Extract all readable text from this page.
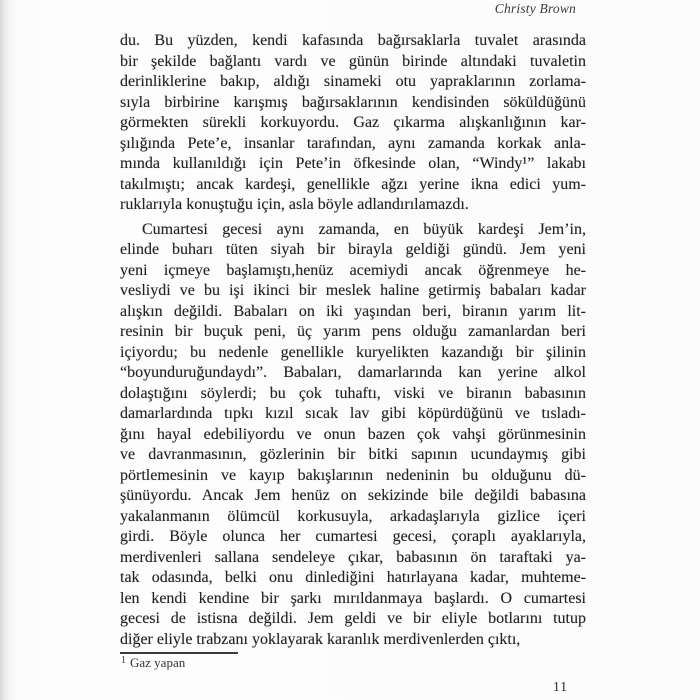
Christy Brown
du. Bu yüzden, kendi kafasında bağırsaklarla tuvalet arasında
bir şekilde bağlantı vardı ve günün birinde altındaki tuvaletin
derinliklerine bakıp, aldığı sinameki otu yapraklarının zorlama-
sıyla birbirine karışmış bağırsaklarının kendisinden söküldüğünü
görmekten sürekli korkuyordu. Gaz çıkarma alışkanlığının kar-
şılığında Pete’e, insanlar tarafından, aynı zamanda korkak anla-
mında kullanıldığı için Pete’in öfkesinde olan, “Windy¹” lakabı
takılmıştı; ancak kardeşi, genellikle ağzı yerine ikna edici yum-
ruklarıyla konuştuğu için, asla böyle adlandırılamazdı.
Cumartesi gecesi aynı zamanda, en büyük kardeşi Jem’in,
elinde buharı tüten siyah bir birayla geldiği gündü. Jem yeni
yeni içmeye başlamıştı,henüz acemiydi ancak öğrenmeye he-
vesliydi ve bu işi ikinci bir meslek haline getirmiş babaları kadar
alışkın değildi. Babaları on iki yaşından beri, biranın yarım lit-
resinin bir buçuk peni, üç yarım pens olduğu zamanlardan beri
içiyordu; bu nedenle genellikle kuryelikten kazandığı bir şilinin
“boyunduruğundaydı”. Babaları, damarlarında kan yerine alkol
dolaştığını söylerdi; bu çok tuhaftı, viski ve biranın babasının
damarlardında tıpkı kızıl sıcak lav gibi köpürdüğünü ve tısladı-
ğını hayal edebiliyordu ve onun bazen çok vahşi görünmesinin
ve davranmasının, gözlerinin bir bitki sapının ucundaymış gibi
pörtlemesinin ve kayıp bakışlarının nedeninin bu olduğunu dü-
şünüyordu. Ancak Jem henüz on sekizinde bile değildi babasına
yakalanmanın ölümcül korkusuyla, arkadaşlarıyla gizlice içeri
girdi. Böyle olunca her cumartesi gecesi, çoraplı ayaklarıyla,
merdivenleri sallana sendeleye çıkar, babasının ön taraftaki ya-
tak odasında, belki onu dinlediğini hatırlayana kadar, muhteme-
len kendi kendine bir şarkı mırıldanmaya başlardı. O cumartesi
gecesi de istisna değildi. Jem geldi ve bir eliyle botlarını tutup
diğer eliyle trabzanı yoklayarak karanlık merdivenlerden çıktı,
$^1$ Gaz yapan
11
